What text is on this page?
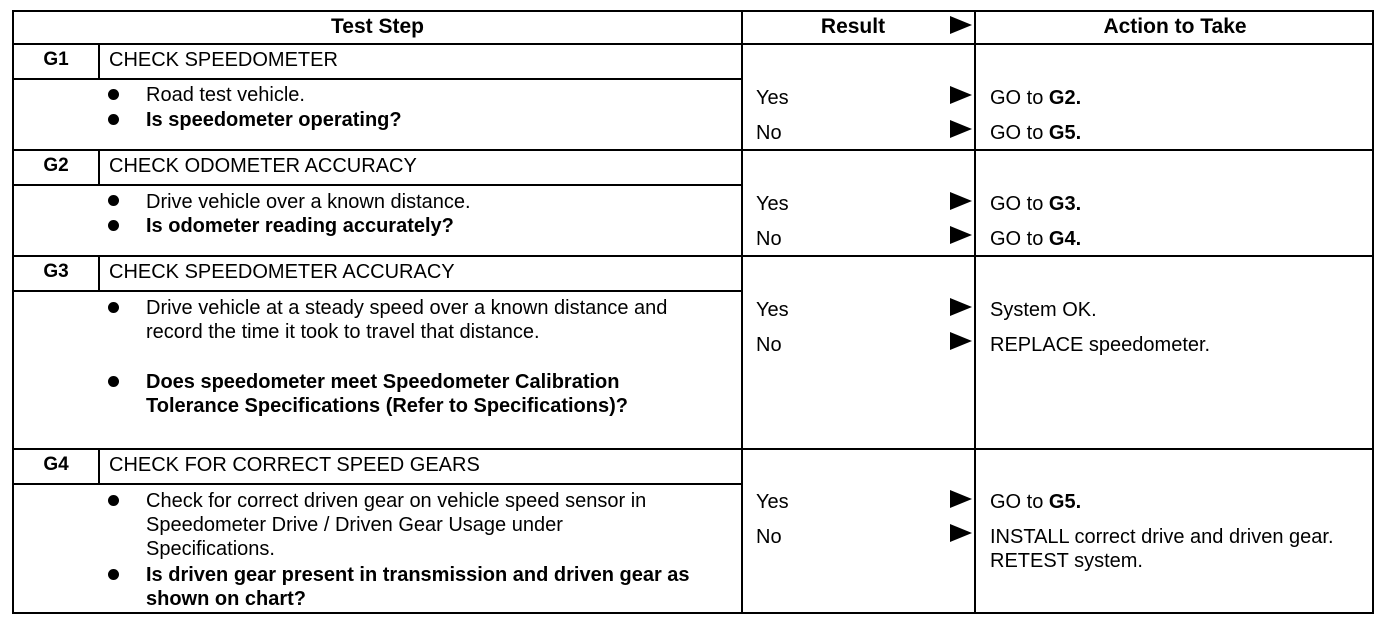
Test Step	Result	Action to Take
G1	CHECK SPEEDOMETER
Road test vehicle.
Is speedometer operating?
Yes	GO to G2.
No	GO to G5.
G2	CHECK ODOMETER ACCURACY
Drive vehicle over a known distance.
Is odometer reading accurately?
Yes	GO to G3.
No	GO to G4.
G3	CHECK SPEEDOMETER ACCURACY
Drive vehicle at a steady speed over a known distance and record the time it took to travel that distance.
Does speedometer meet Speedometer Calibration Tolerance Specifications (Refer to Specifications)?
Yes	System OK.
No	REPLACE speedometer.
G4	CHECK FOR CORRECT SPEED GEARS
Check for correct driven gear on vehicle speed sensor in Speedometer Drive / Driven Gear Usage under Specifications.
Is driven gear present in transmission and driven gear as shown on chart?
Yes	GO to G5.
No	INSTALL correct drive and driven gear. RETEST system.
